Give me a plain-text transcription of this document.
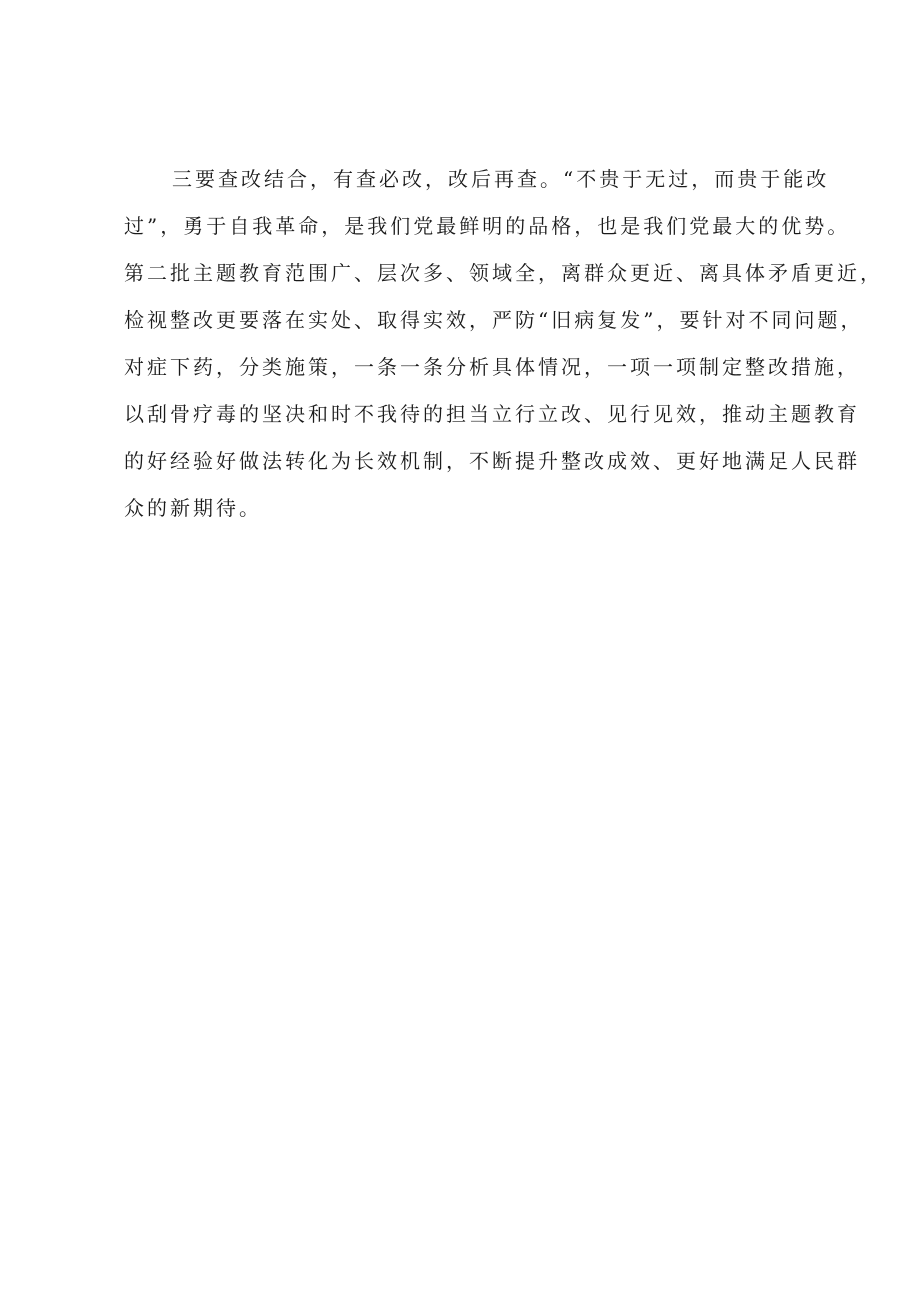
三要查改结合，有查必改，改后再查。“不贵于无过，而贵于能改
过”，勇于自我革命，是我们党最鲜明的品格，也是我们党最大的优势。
第二批主题教育范围广、层次多、领域全，离群众更近、离具体矛盾更近，
检视整改更要落在实处、取得实效，严防“旧病复发”，要针对不同问题，
对症下药，分类施策，一条一条分析具体情况，一项一项制定整改措施，
以刮骨疗毒的坚决和时不我待的担当立行立改、见行见效，推动主题教育
的好经验好做法转化为长效机制，不断提升整改成效、更好地满足人民群
众的新期待。
